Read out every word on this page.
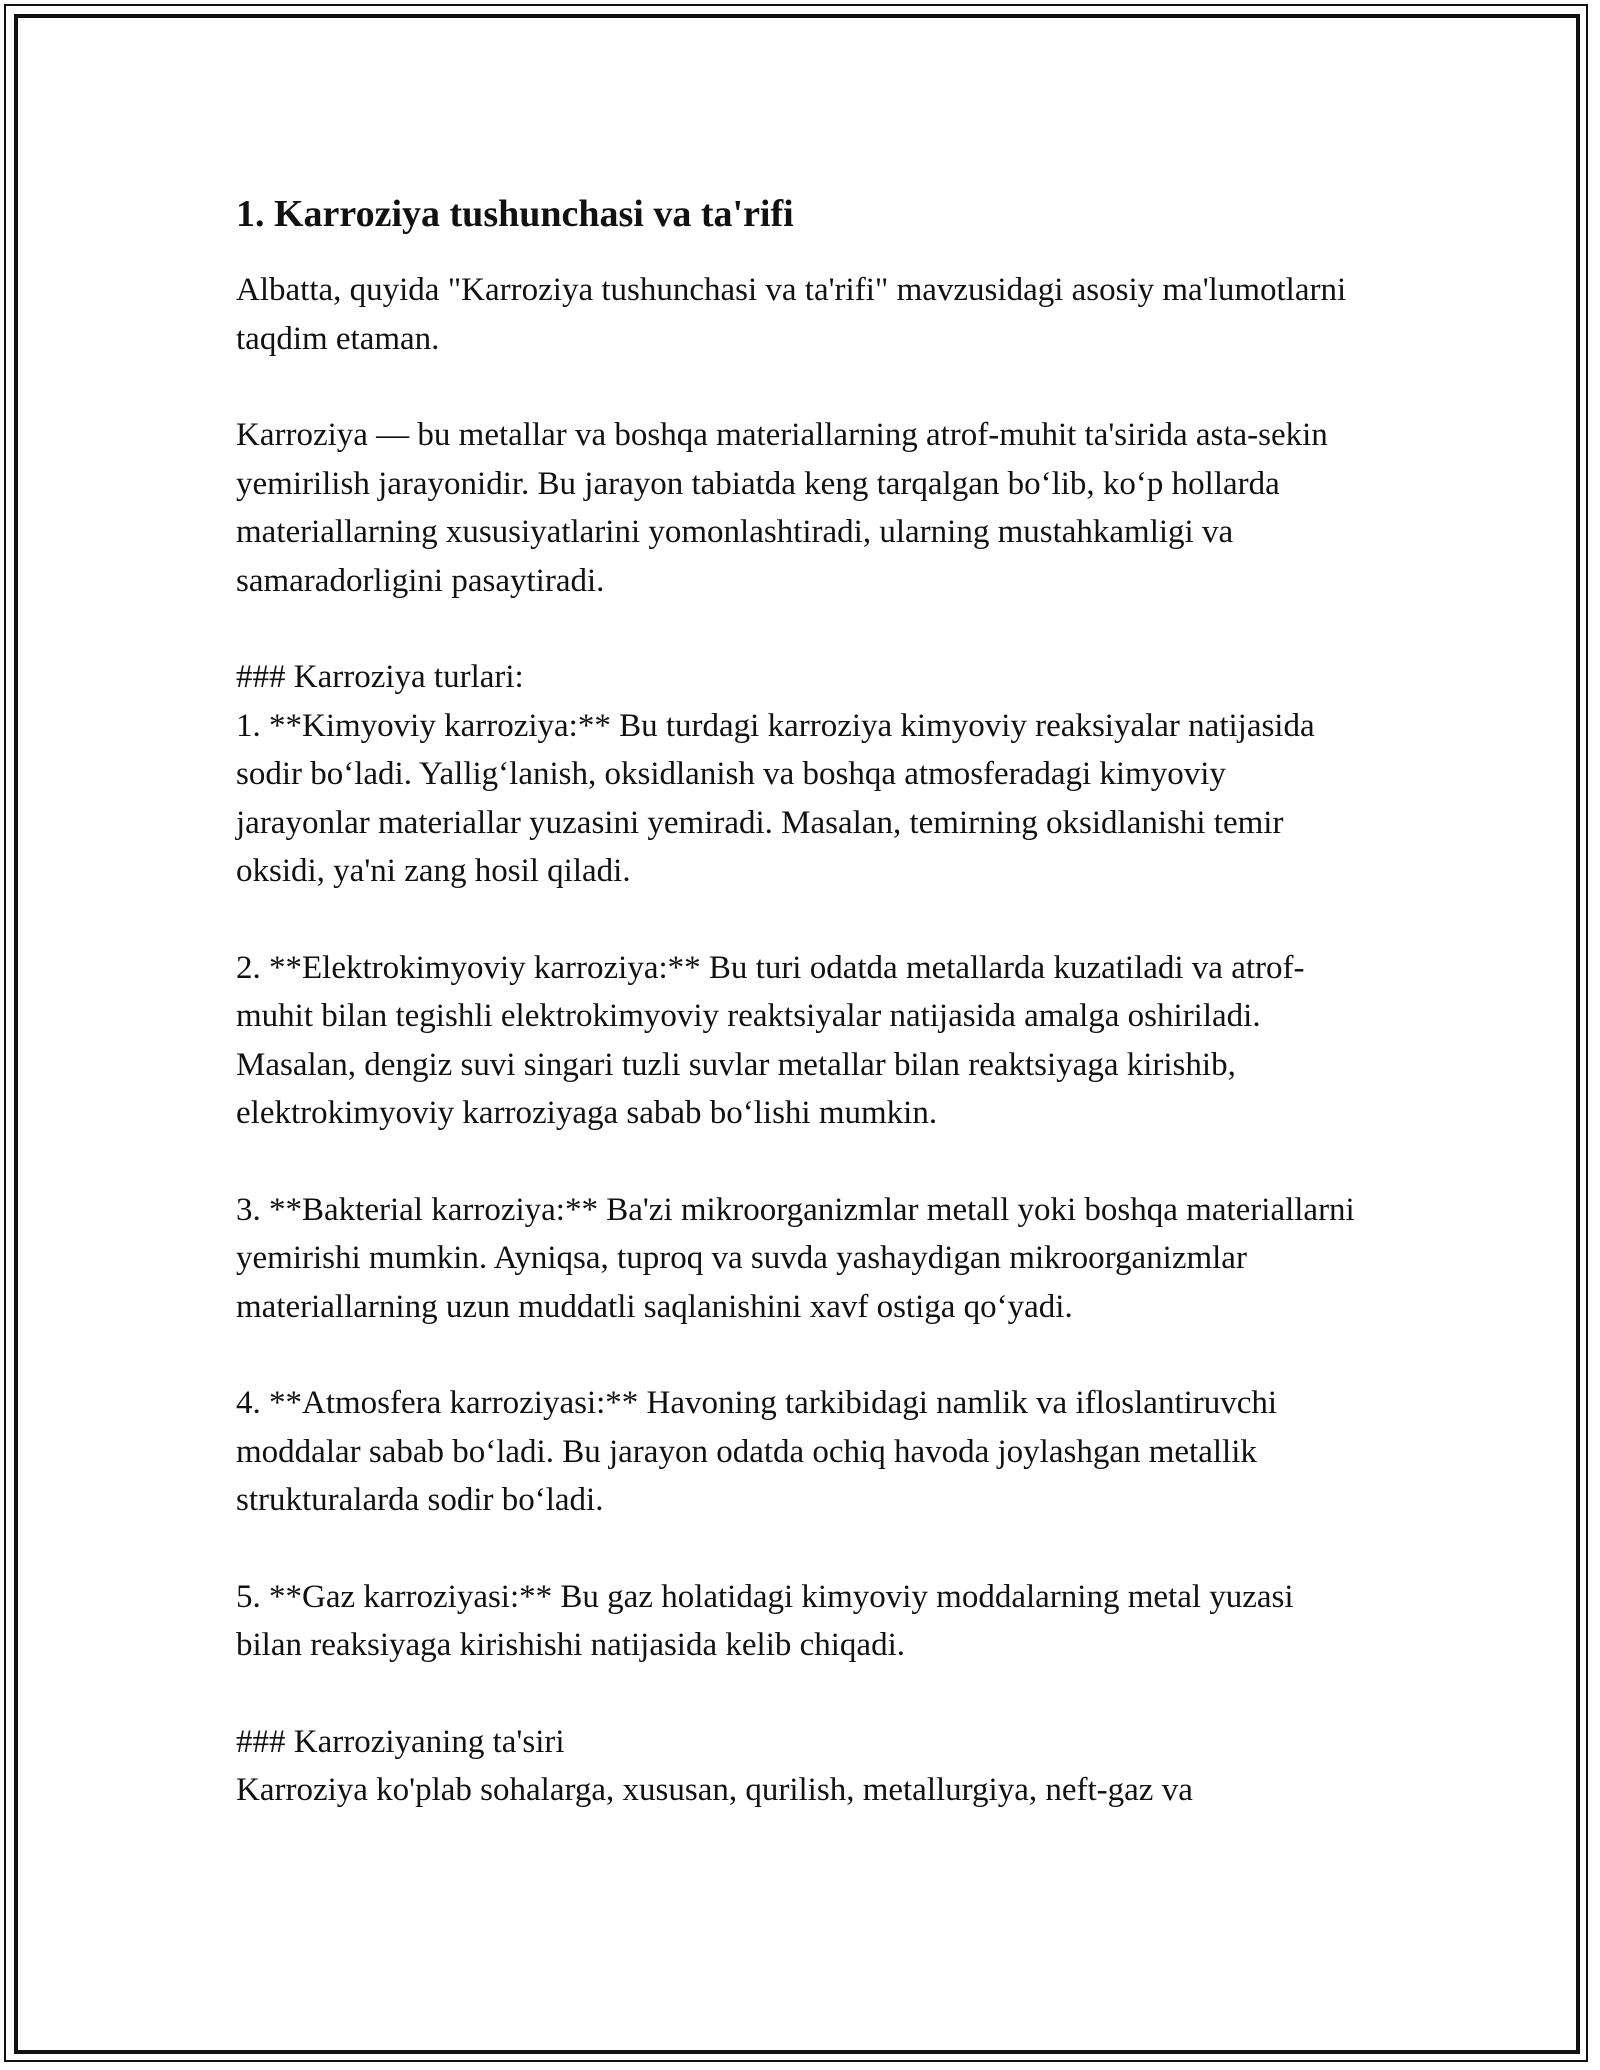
1. Karroziya tushunchasi va ta'rifi

Albatta, quyida "Karroziya tushunchasi va ta'rifi" mavzusidagi asosiy ma'lumotlarni taqdim etaman.

Karroziya — bu metallar va boshqa materiallarning atrof-muhit ta'sirida asta-sekin yemirilish jarayonidir. Bu jarayon tabiatda keng tarqalgan bo‘lib, ko‘p hollarda materiallarning xususiyatlarini yomonlashtiradi, ularning mustahkamligi va samaradorligini pasaytiradi.

### Karroziya turlari:

1. **Kimyoviy karroziya:** Bu turdagi karroziya kimyoviy reaksiyalar natijasida sodir bo‘ladi. Yallig‘lanish, oksidlanish va boshqa atmosferadagi kimyoviy jarayonlar materiallar yuzasini yemiradi. Masalan, temirning oksidlanishi temir oksidi, ya'ni zang hosil qiladi.

2. **Elektrokimyoviy karroziya:** Bu turi odatda metallarda kuzatiladi va atrof-muhit bilan tegishli elektrokimyoviy reaktsiyalar natijasida amalga oshiriladi. Masalan, dengiz suvi singari tuzli suvlar metallar bilan reaktsiyaga kirishib, elektrokimyoviy karroziyaga sabab bo‘lishi mumkin.

3. **Bakterial karroziya:** Ba'zi mikroorganizmlar metall yoki boshqa materiallarni yemirishi mumkin. Ayniqsa, tuproq va suvda yashaydigan mikroorganizmlar materiallarning uzun muddatli saqlanishini xavf ostiga qo‘yadi.

4. **Atmosfera karroziyasi:** Havoning tarkibidagi namlik va ifloslantiruvchi moddalar sabab bo‘ladi. Bu jarayon odatda ochiq havoda joylashgan metallik strukturalarda sodir bo‘ladi.

5. **Gaz karroziyasi:** Bu gaz holatidagi kimyoviy moddalarning metal yuzasi bilan reaksiyaga kirishishi natijasida kelib chiqadi.

### Karroziyaning ta'siri

Karroziya ko'plab sohalarga, xususan, qurilish, metallurgiya, neft-gaz va
